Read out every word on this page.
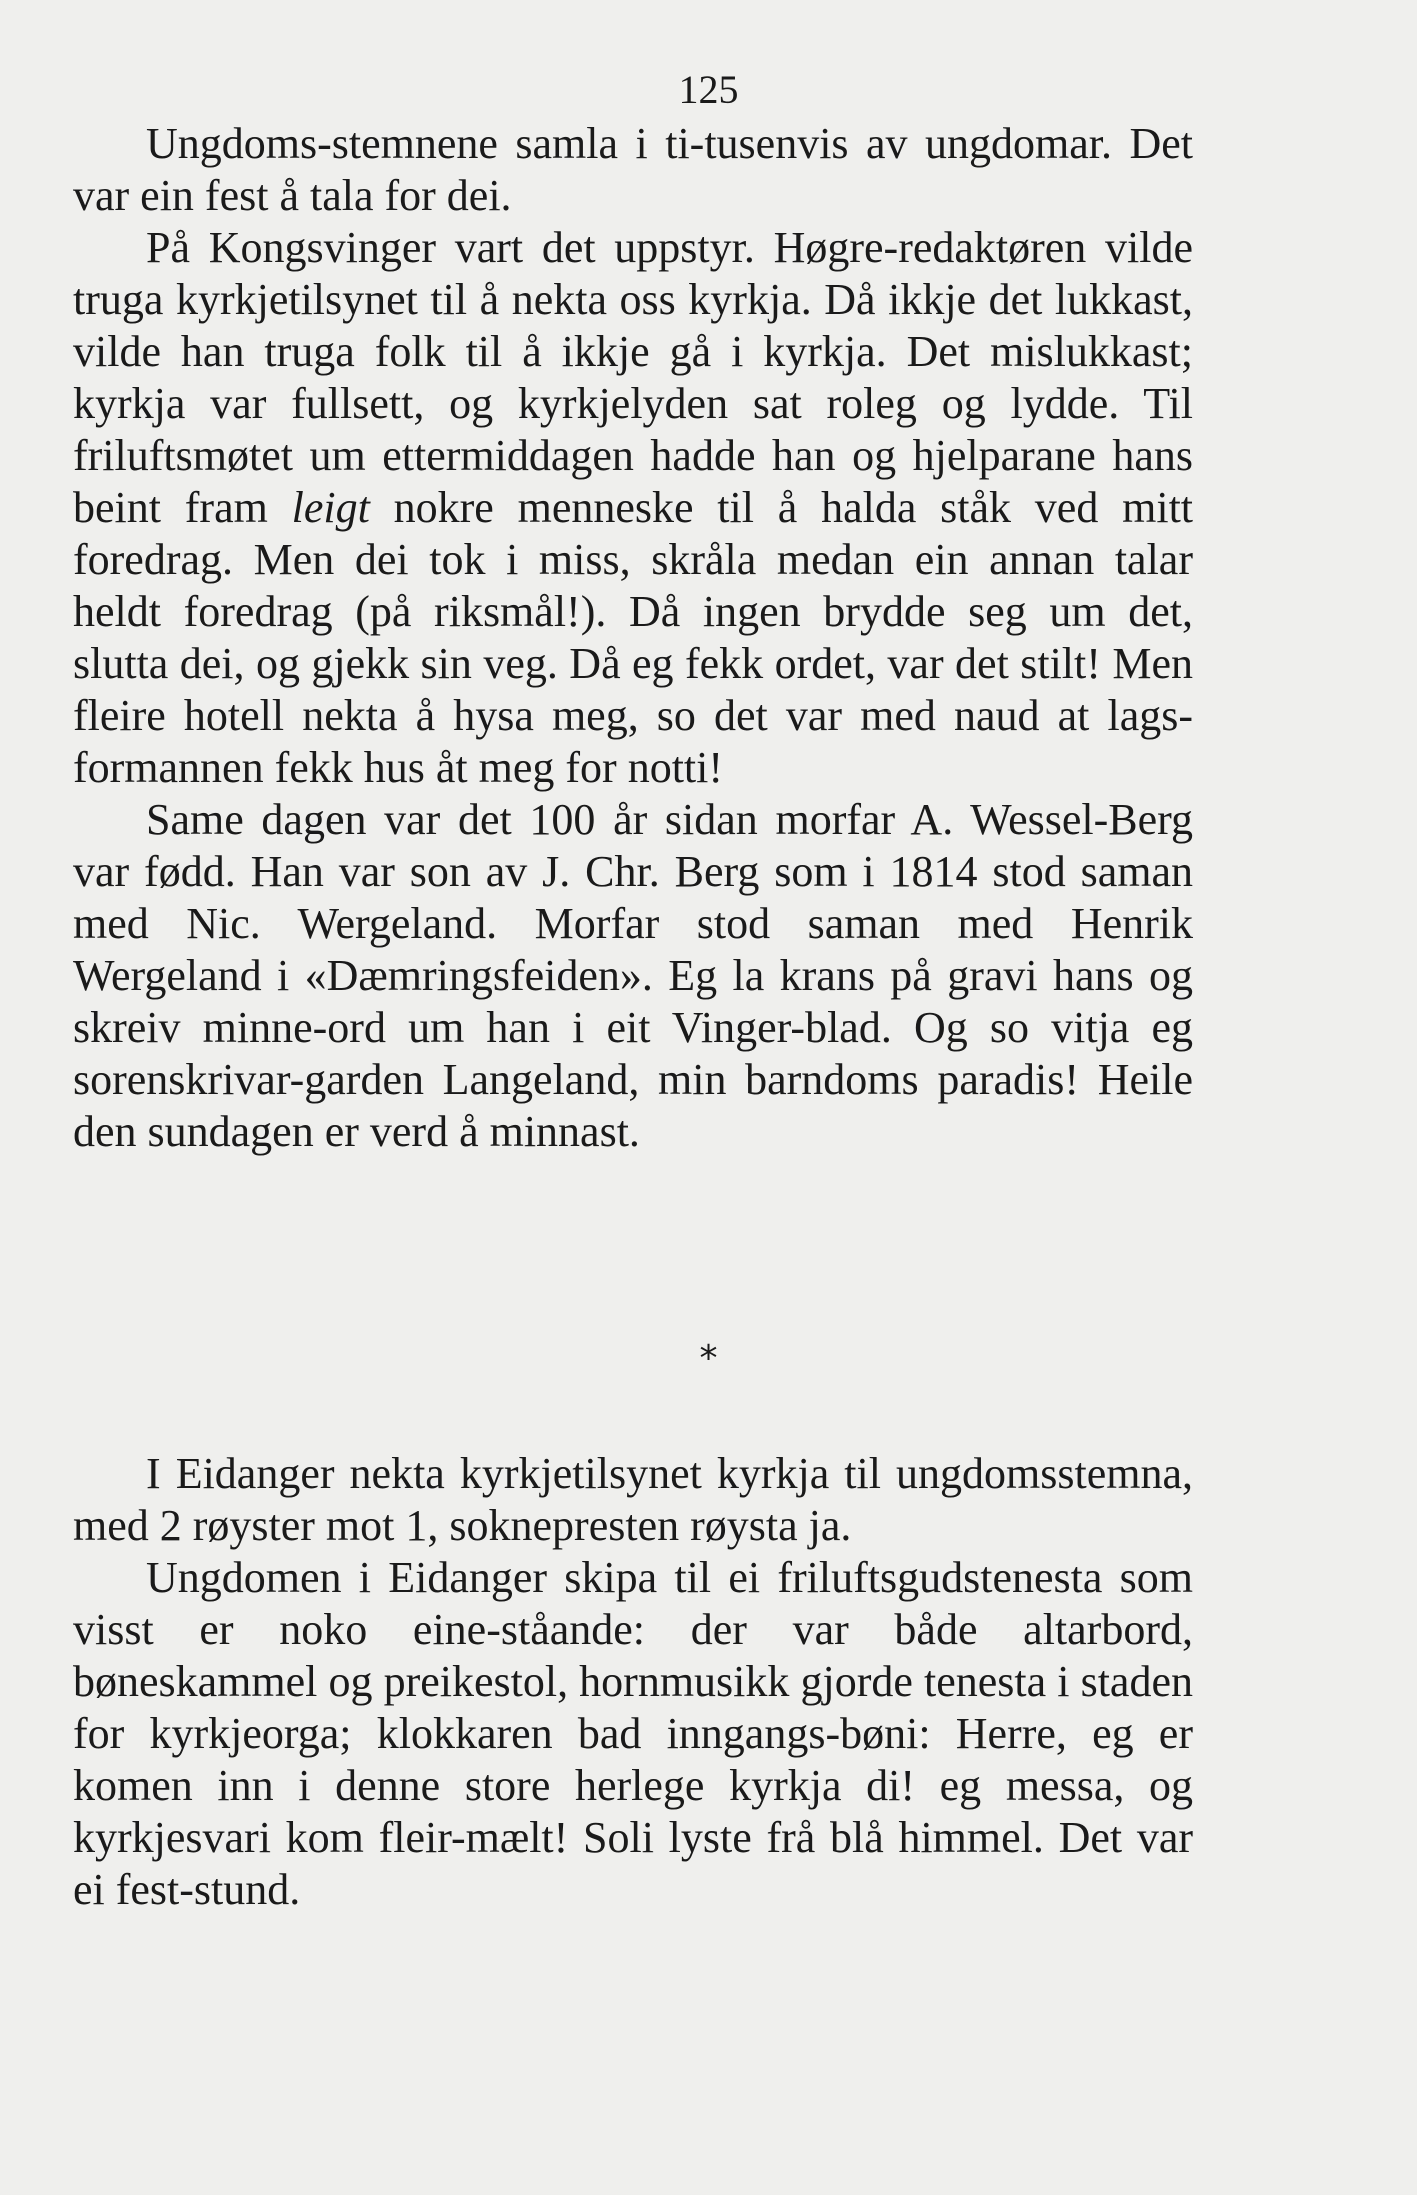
125

Ungdoms-stemnene samla i ti-tusenvis av ungdomar. Det var ein fest å tala for dei.

På Kongsvinger vart det uppstyr. Høgre-redaktøren vilde truga kyrkjetilsynet til å nekta oss kyrkja. Då ikkje det lukkast, vilde han truga folk til å ikkje gå i kyrkja. Det mislukkast; kyrkja var fullsett, og kyrkjelyden sat roleg og lydde. Til friluftsmøtet um ettermiddagen hadde han og hjelparane hans beint fram leigt nokre menneske til å halda ståk ved mitt foredrag. Men dei tok i miss, skråla medan ein annan talar heldt foredrag (på riksmål!). Då ingen brydde seg um det, slutta dei, og gjekk sin veg. Då eg fekk ordet, var det stilt! Men fleire hotell nekta å hysa meg, so det var med naud at lags-formannen fekk hus åt meg for notti!

Same dagen var det 100 år sidan morfar A. Wessel-Berg var fødd. Han var son av J. Chr. Berg som i 1814 stod saman med Nic. Wergeland. Morfar stod saman med Henrik Wergeland i «Dæmringsfeiden». Eg la krans på gravi hans og skreiv minne-ord um han i eit Vinger-blad. Og so vitja eg sorenskrivar-garden Langeland, min barndoms paradis! Heile den sundagen er verd å minnast.

*

I Eidanger nekta kyrkjetilsynet kyrkja til ungdomsstemna, med 2 røyster mot 1, soknepresten røysta ja.

Ungdomen i Eidanger skipa til ei friluftsgudstenesta som visst er noko eine-ståande: der var både altarbord, bøneskammel og preikestol, hornmusikk gjorde tenesta i staden for kyrkjeorga; klokkaren bad inngangs-bøni: Herre, eg er komen inn i denne store herlege kyrkja di! eg messa, og kyrkjesvari kom fleir-mælt! Soli lyste frå blå himmel. Det var ei fest-stund.
